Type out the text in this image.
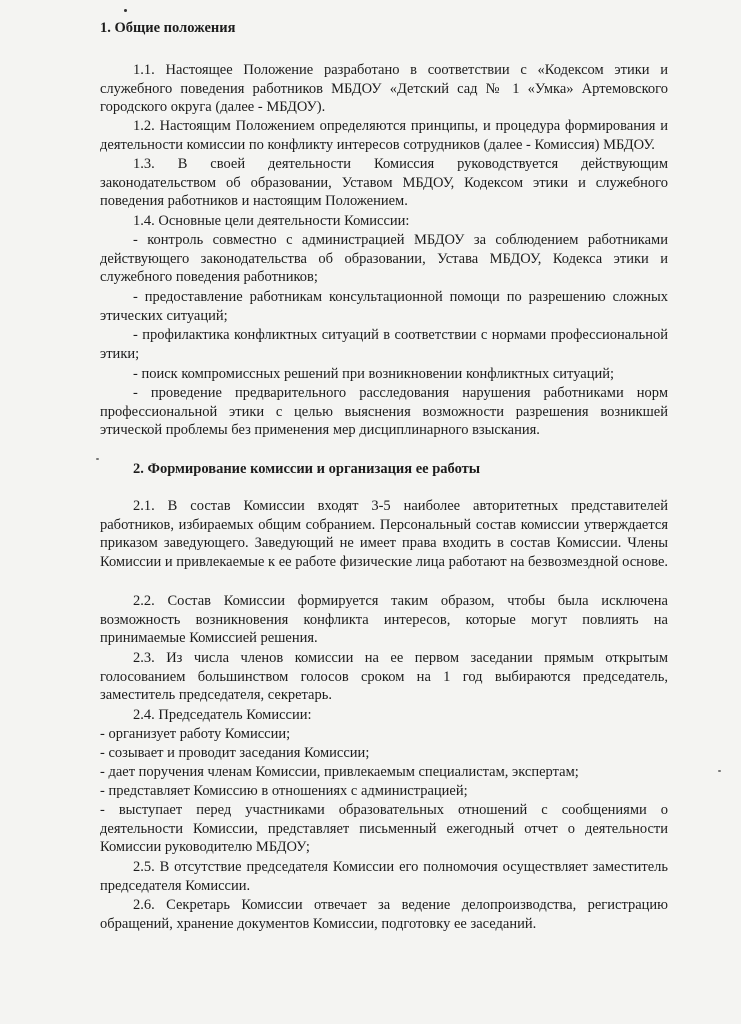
1. Общие положения
1.1. Настоящее Положение разработано в соответствии с «Кодексом этики и служебного поведения работников МБДОУ «Детский сад № 1 «Умка» Артемовского городского округа (далее - МБДОУ).
1.2. Настоящим Положением определяются принципы, и процедура формирования и деятельности комиссии по конфликту интересов сотрудников (далее - Комиссия) МБДОУ.
1.3. В своей деятельности Комиссия руководствуется действующим законодательством об образовании, Уставом МБДОУ, Кодексом этики и служебного поведения работников и настоящим Положением.
1.4. Основные цели деятельности Комиссии:
- контроль совместно с администрацией МБДОУ за соблюдением работниками действующего законодательства об образовании, Устава МБДОУ, Кодекса этики и служебного поведения работников;
- предоставление работникам консультационной помощи по разрешению сложных этических ситуаций;
- профилактика конфликтных ситуаций в соответствии с нормами профессиональной этики;
- поиск компромиссных решений при возникновении конфликтных ситуаций;
- проведение предварительного расследования нарушения работниками норм профессиональной этики с целью выяснения возможности разрешения возникшей этической проблемы без применения мер дисциплинарного взыскания.
2. Формирование комиссии и организация ее работы
2.1. В состав Комиссии входят 3-5 наиболее авторитетных представителей работников, избираемых общим собранием. Персональный состав комиссии утверждается приказом заведующего. Заведующий не имеет права входить в состав Комиссии. Члены Комиссии и привлекаемые к ее работе физические лица работают на безвозмездной основе.
2.2. Состав Комиссии формируется таким образом, чтобы была исключена возможность возникновения конфликта интересов, которые могут повлиять на принимаемые Комиссией решения.
2.3. Из числа членов комиссии на ее первом заседании прямым открытым голосованием большинством голосов сроком на 1 год выбираются председатель, заместитель председателя, секретарь.
2.4. Председатель Комиссии:
- организует работу Комиссии;
- созывает и проводит заседания Комиссии;
- дает поручения членам Комиссии, привлекаемым специалистам, экспертам;
- представляет Комиссию в отношениях с администрацией;
- выступает перед участниками образовательных отношений с сообщениями о деятельности Комиссии, представляет письменный ежегодный отчет о деятельности Комиссии руководителю МБДОУ;
2.5. В отсутствие председателя Комиссии его полномочия осуществляет заместитель председателя Комиссии.
2.6. Секретарь Комиссии отвечает за ведение делопроизводства, регистрацию обращений, хранение документов Комиссии, подготовку ее заседаний.
